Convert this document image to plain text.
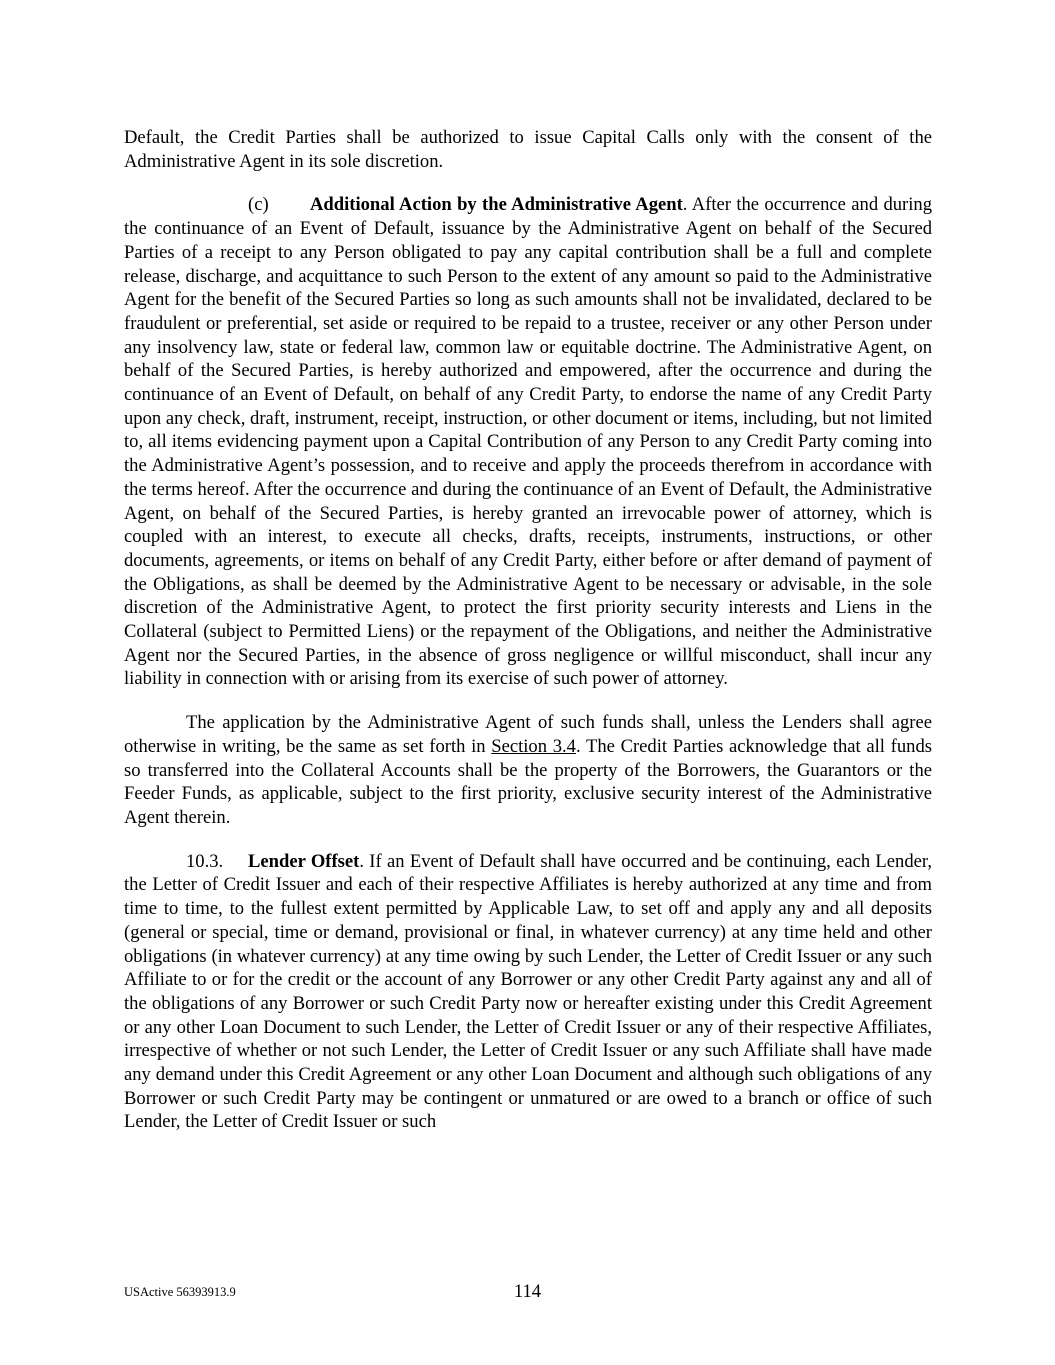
Default, the Credit Parties shall be authorized to issue Capital Calls only with the consent of the Administrative Agent in its sole discretion.

(c) Additional Action by the Administrative Agent. After the occurrence and during the continuance of an Event of Default, issuance by the Administrative Agent on behalf of the Secured Parties of a receipt to any Person obligated to pay any capital contribution shall be a full and complete release, discharge, and acquittance to such Person to the extent of any amount so paid to the Administrative Agent for the benefit of the Secured Parties so long as such amounts shall not be invalidated, declared to be fraudulent or preferential, set aside or required to be repaid to a trustee, receiver or any other Person under any insolvency law, state or federal law, common law or equitable doctrine. The Administrative Agent, on behalf of the Secured Parties, is hereby authorized and empowered, after the occurrence and during the continuance of an Event of Default, on behalf of any Credit Party, to endorse the name of any Credit Party upon any check, draft, instrument, receipt, instruction, or other document or items, including, but not limited to, all items evidencing payment upon a Capital Contribution of any Person to any Credit Party coming into the Administrative Agent’s possession, and to receive and apply the proceeds therefrom in accordance with the terms hereof. After the occurrence and during the continuance of an Event of Default, the Administrative Agent, on behalf of the Secured Parties, is hereby granted an irrevocable power of attorney, which is coupled with an interest, to execute all checks, drafts, receipts, instruments, instructions, or other documents, agreements, or items on behalf of any Credit Party, either before or after demand of payment of the Obligations, as shall be deemed by the Administrative Agent to be necessary or advisable, in the sole discretion of the Administrative Agent, to protect the first priority security interests and Liens in the Collateral (subject to Permitted Liens) or the repayment of the Obligations, and neither the Administrative Agent nor the Secured Parties, in the absence of gross negligence or willful misconduct, shall incur any liability in connection with or arising from its exercise of such power of attorney.

The application by the Administrative Agent of such funds shall, unless the Lenders shall agree otherwise in writing, be the same as set forth in Section 3.4. The Credit Parties acknowledge that all funds so transferred into the Collateral Accounts shall be the property of the Borrowers, the Guarantors or the Feeder Funds, as applicable, subject to the first priority, exclusive security interest of the Administrative Agent therein.

10.3. Lender Offset. If an Event of Default shall have occurred and be continuing, each Lender, the Letter of Credit Issuer and each of their respective Affiliates is hereby authorized at any time and from time to time, to the fullest extent permitted by Applicable Law, to set off and apply any and all deposits (general or special, time or demand, provisional or final, in whatever currency) at any time held and other obligations (in whatever currency) at any time owing by such Lender, the Letter of Credit Issuer or any such Affiliate to or for the credit or the account of any Borrower or any other Credit Party against any and all of the obligations of any Borrower or such Credit Party now or hereafter existing under this Credit Agreement or any other Loan Document to such Lender, the Letter of Credit Issuer or any of their respective Affiliates, irrespective of whether or not such Lender, the Letter of Credit Issuer or any such Affiliate shall have made any demand under this Credit Agreement or any other Loan Document and although such obligations of any Borrower or such Credit Party may be contingent or unmatured or are owed to a branch or office of such Lender, the Letter of Credit Issuer or such

USActive 56393913.9	114
